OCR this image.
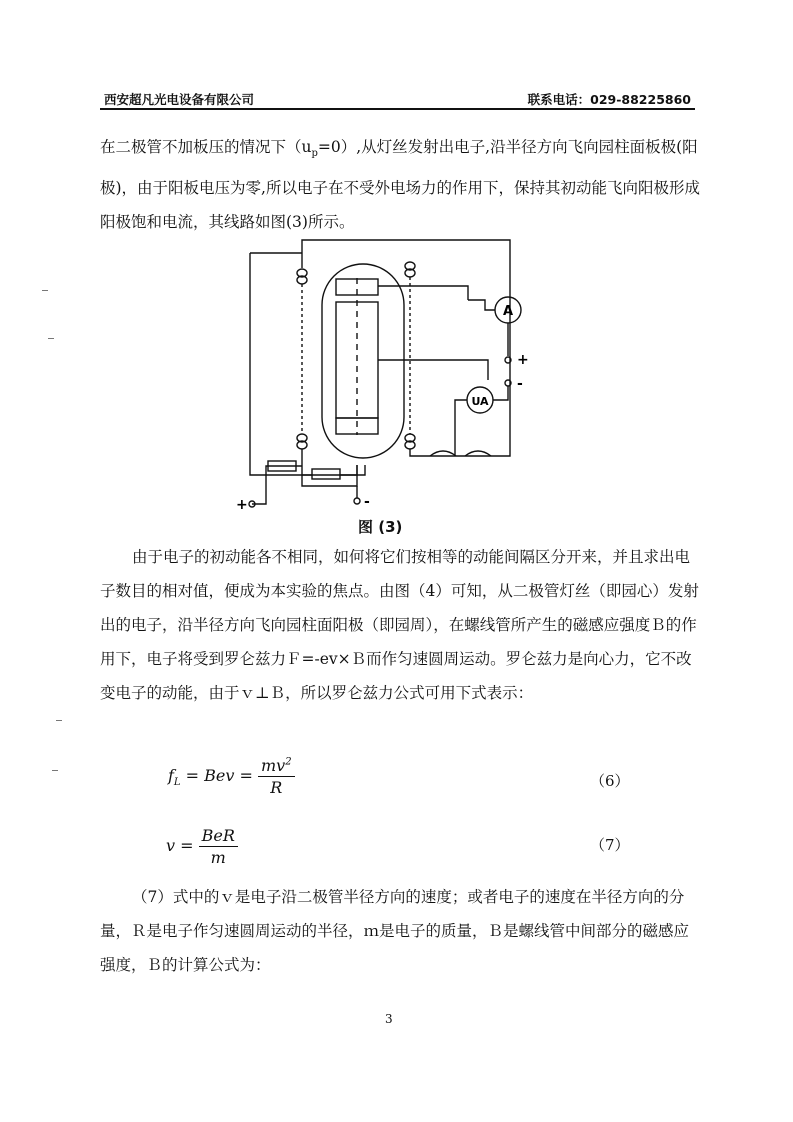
西安超凡光电设备有限公司	联系电话：029-88225860

在二极管不加板压的情况下$(u_p=0)$,从灯丝发射出电子,沿半径方向飞向园柱面板极(阳极)，由于阳板电压为零,所以电子在不受外电场力的作用下，保持其初动能飞向阳极形成阳极饱和电流，其线路如图(3)所示。

A
UA
+
-
+	-
图 (3)

由于电子的初动能各不相同，如何将它们按相等的动能间隔区分开来，并且求出电子数目的相对值，便成为本实验的焦点。由图（4）可知，从二极管灯丝（即园心）发射出的电子，沿半径方向飞向园柱面阳极（即园周），在螺线管所产生的磁感应强度Ｂ的作用下，电子将受到罗仑兹力Ｆ=-ev×Ｂ而作匀速圆周运动。罗仑兹力是向心力，它不改变电子的动能，由于ｖ⊥Ｂ，所以罗仑兹力公式可用下式表示：

$f_L$ = Bev = $\frac{mv^2}{R}$	（6）
$v = \frac{\text{BeR}}{m}$	（7）

（7）式中的ｖ是电子沿二极管半径方向的速度；或者电子的速度在半径方向的分量，Ｒ是电子作匀速圆周运动的半径，ｍ是电子的质量，Ｂ是螺线管中间部分的磁感应强度，Ｂ的计算公式为：

3
